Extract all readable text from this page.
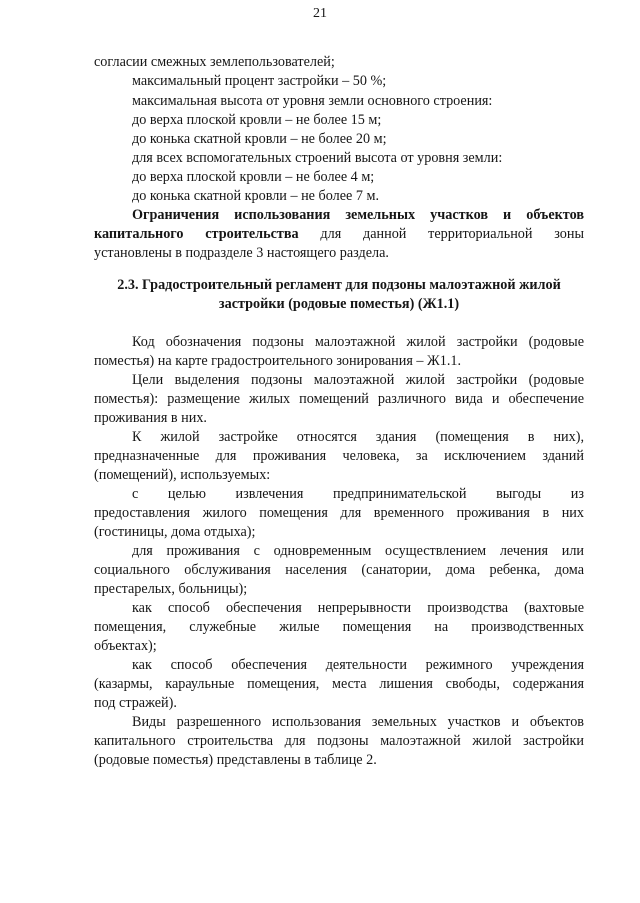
21
согласии смежных землепользователей;
максимальный процент застройки – 50 %;
максимальная высота от уровня земли основного строения:
до верха плоской кровли – не более 15 м;
до конька скатной кровли – не более 20 м;
для всех вспомогательных строений высота от уровня земли:
до верха плоской кровли – не более 4 м;
до конька скатной кровли – не более 7 м.
Ограничения использования земельных участков и объектов
капитального строительства для данной территориальной зоны
установлены в подразделе 3 настоящего раздела.
2.3. Градостроительный регламент для подзоны малоэтажной жилой
застройки (родовые поместья) (Ж1.1)
Код обозначения подзоны малоэтажной жилой застройки (родовые
поместья) на карте градостроительного зонирования – Ж1.1.
Цели выделения подзоны малоэтажной жилой застройки (родовые
поместья): размещение жилых помещений различного вида и обеспечение
проживания в них.
К жилой застройке относятся здания (помещения в них),
предназначенные для проживания человека, за исключением зданий
(помещений), используемых:
с целью извлечения предпринимательской выгоды из
предоставления жилого помещения для временного проживания в них
(гостиницы, дома отдыха);
для проживания с одновременным осуществлением лечения или
социального обслуживания населения (санатории, дома ребенка, дома
престарелых, больницы);
как способ обеспечения непрерывности производства (вахтовые
помещения, служебные жилые помещения на производственных
объектах);
как способ обеспечения деятельности режимного учреждения
(казармы, караульные помещения, места лишения свободы, содержания
под стражей).
Виды разрешенного использования земельных участков и объектов
капитального строительства для подзоны малоэтажной жилой застройки
(родовые поместья) представлены в таблице 2.
